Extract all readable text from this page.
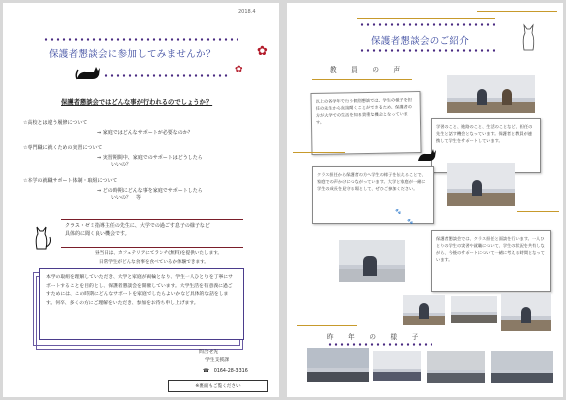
2018.4
保護者懇談会に参加してみませんか？	✿
✿
保護者懇談会ではどんな事が行われるのでしょうか？
☆高校とは違う履修について
⇒ 家庭ではどんなサポートが必要なのか？
☆専門職に就くための実習について
⇒ 実習期間中、家庭でのサポートはどうしたら
いいの？
☆本学の就職サポート体制・取組について
⇒ どの時期にどんな事を家庭でサポートしたら
いいの？　等
クラス・ゼミ指導主任の先生に、大学での過ごす息子の様子など
具体的に聞く良い機会です。
昼当日は、カフェテリアにてランチ(無料)を提供いたします。
日常学生がどんな食事を食べているか体験できます。
本学の取組を理解していただき、大学と家庭が両輪となり、学生一人ひとりを丁寧にサポートすることを目的とし、保護者懇談会を開催しています。大学生活を有意義に過ごすためには、この時期にどんなサポートを家庭でしたらよいかなど具体的な話をします。何卒、多くの方にご理解をいただき、参加をお待ち申し上げます。
問合せ先
学生支援課
☎　0164-28-3316
※裏面もご覧ください
保護者懇談会のご紹介
教　員　の　声
以上の各学年で行う個別懇談では、学生の様子を担任の先生から直接聞くことができるため、保護者の方が大学での生活を知る貴重な機会となっています。
学習のこと、進路のこと、生活のことなど、担任の先生と話す機会となっています。保護者と教員が連携して学生をサポートしています。
クラス担任から保護者の方へ学生の様子を伝えることで、家庭での声かけにつながっています。大学と家庭が一緒に学生の成長を見守る場として、ぜひご参加ください。
🐾
🐾
保護者懇談会では、クラス担任と面談を行います。一人ひとりの学生の実習や就職について、学生の状況を共有しながら、今後のサポートについて一緒に考える時間となっています。
昨　年　の　様　子
